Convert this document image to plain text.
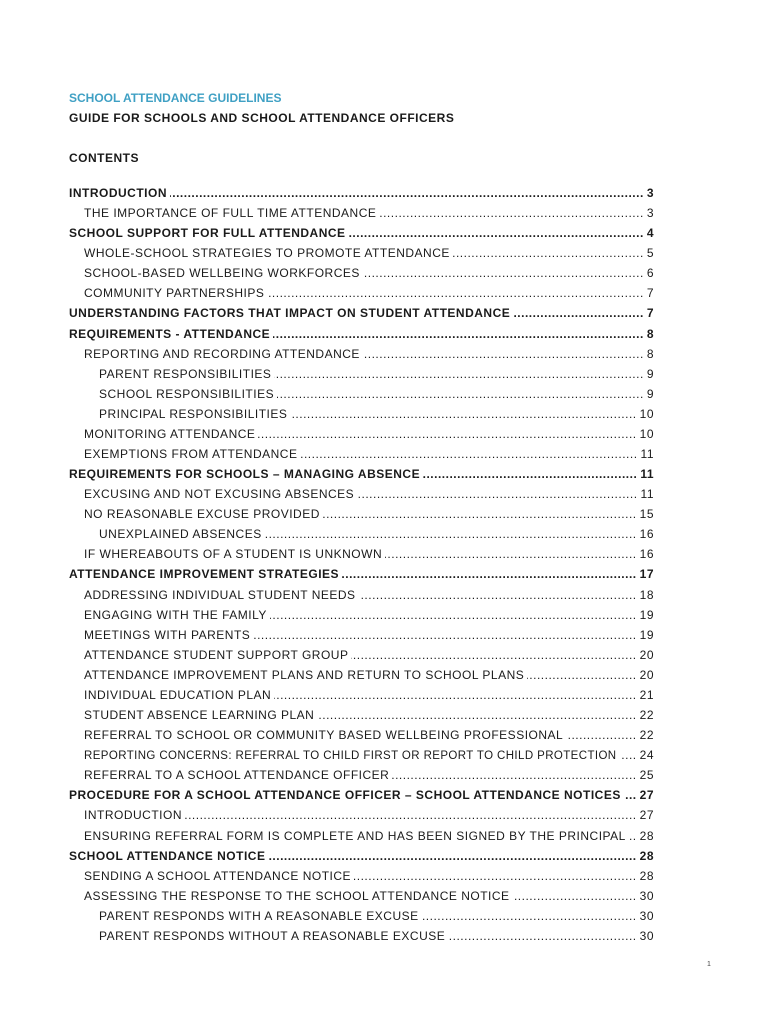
SCHOOL ATTENDANCE GUIDELINES
GUIDE FOR SCHOOLS AND SCHOOL ATTENDANCE OFFICERS
CONTENTS
INTRODUCTION .....	3
THE IMPORTANCE OF FULL TIME ATTENDANCE .....	3
SCHOOL SUPPORT FOR FULL ATTENDANCE .....	4
WHOLE-SCHOOL STRATEGIES TO PROMOTE ATTENDANCE .....	5
SCHOOL-BASED WELLBEING WORKFORCES .....	6
COMMUNITY PARTNERSHIPS .....	7
UNDERSTANDING FACTORS THAT IMPACT ON STUDENT ATTENDANCE .....	7
REQUIREMENTS - ATTENDANCE .....	8
REPORTING AND RECORDING ATTENDANCE .....	8
PARENT RESPONSIBILITIES .....	9
SCHOOL RESPONSIBILITIES .....	9
PRINCIPAL RESPONSIBILITIES .....	10
MONITORING ATTENDANCE .....	10
EXEMPTIONS FROM ATTENDANCE .....	11
REQUIREMENTS FOR SCHOOLS – MANAGING ABSENCE .....	11
EXCUSING AND NOT EXCUSING ABSENCES .....	11
NO REASONABLE EXCUSE PROVIDED .....	15
UNEXPLAINED ABSENCES .....	16
IF WHEREABOUTS OF A STUDENT IS UNKNOWN .....	16
ATTENDANCE IMPROVEMENT STRATEGIES .....	17
ADDRESSING INDIVIDUAL STUDENT NEEDS .....	18
ENGAGING WITH THE FAMILY .....	19
MEETINGS WITH PARENTS .....	19
ATTENDANCE STUDENT SUPPORT GROUP .....	20
ATTENDANCE IMPROVEMENT PLANS AND RETURN TO SCHOOL PLANS .....	20
INDIVIDUAL EDUCATION PLAN .....	21
STUDENT ABSENCE LEARNING PLAN .....	22
REFERRAL TO SCHOOL OR COMMUNITY BASED WELLBEING PROFESSIONAL .....	22
REPORTING CONCERNS: REFERRAL TO CHILD FIRST OR REPORT TO CHILD PROTECTION ..... 24
REFERRAL TO A SCHOOL ATTENDANCE OFFICER .....	25
PROCEDURE FOR A SCHOOL ATTENDANCE OFFICER – SCHOOL ATTENDANCE NOTICES ..... 27
INTRODUCTION .....	27
ENSURING REFERRAL FORM IS COMPLETE AND HAS BEEN SIGNED BY THE PRINCIPAL ..... 28
SCHOOL ATTENDANCE NOTICE .....	28
SENDING A SCHOOL ATTENDANCE NOTICE .....	28
ASSESSING THE RESPONSE TO THE SCHOOL ATTENDANCE NOTICE .....	30
PARENT RESPONDS WITH A REASONABLE EXCUSE .....	30
PARENT RESPONDS WITHOUT A REASONABLE EXCUSE .....	30
1
